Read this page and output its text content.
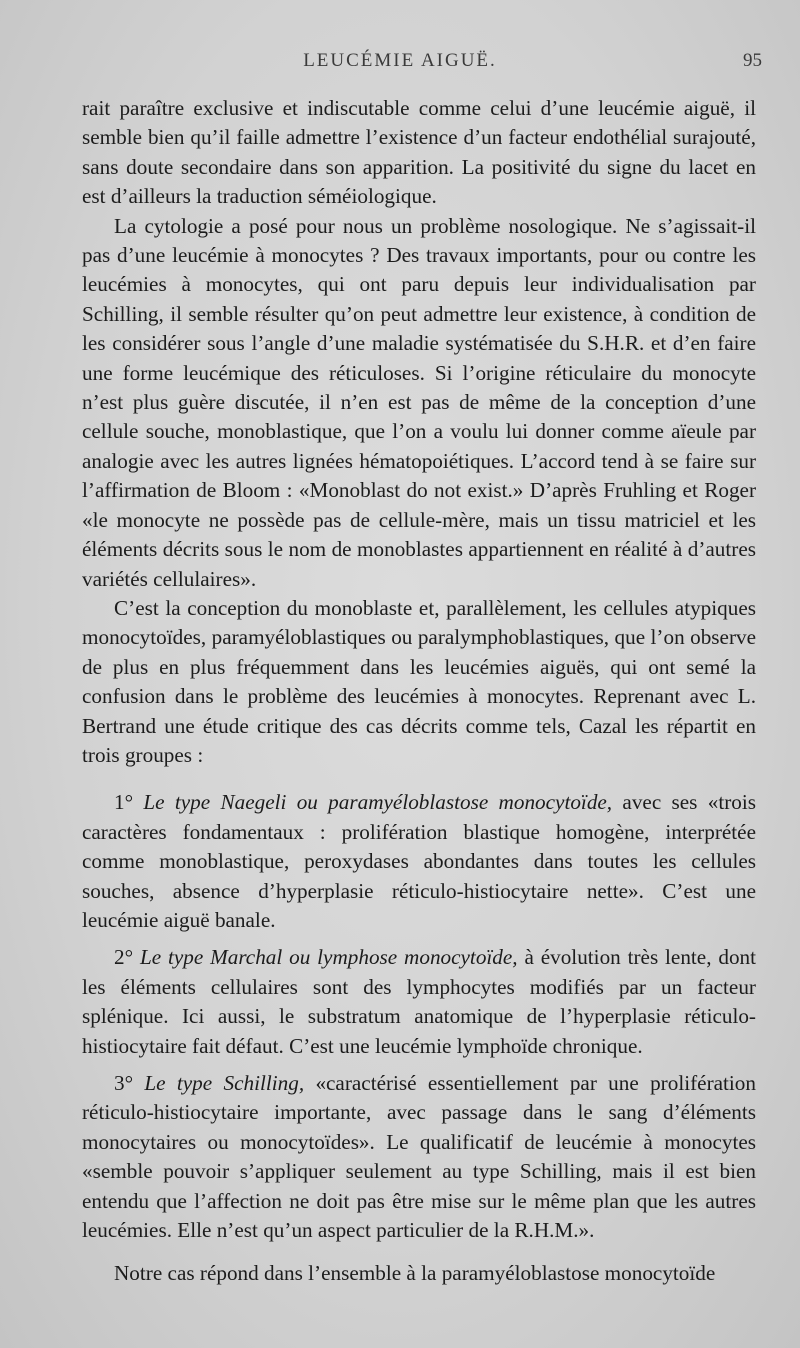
LEUCÉMIE AIGUË.	95

rait paraître exclusive et indiscutable comme celui d’une leucémie aiguë, il semble bien qu’il faille admettre l’existence d’un facteur endothélial surajouté, sans doute secondaire dans son apparition. La positivité du signe du lacet en est d’ailleurs la traduction séméiologique.

La cytologie a posé pour nous un problème nosologique. Ne s’agissait-il pas d’une leucémie à monocytes ? Des travaux importants, pour ou contre les leucémies à monocytes, qui ont paru depuis leur individualisation par Schilling, il semble résulter qu’on peut admettre leur existence, à condition de les considérer sous l’angle d’une maladie systématisée du S.H.R. et d’en faire une forme leucémique des réticuloses. Si l’origine réticulaire du monocyte n’est plus guère discutée, il n’en est pas de même de la conception d’une cellule souche, monoblastique, que l’on a voulu lui donner comme aïeule par analogie avec les autres lignées hématopoiétiques. L’accord tend à se faire sur l’affirmation de Bloom : «Monoblast do not exist.» D’après Fruhling et Roger «le monocyte ne possède pas de cellule-mère, mais un tissu matriciel et les éléments décrits sous le nom de monoblastes appartiennent en réalité à d’autres variétés cellulaires».

C’est la conception du monoblaste et, parallèlement, les cellules atypiques monocytoïdes, paramyéloblastiques ou paralymphoblastiques, que l’on observe de plus en plus fréquemment dans les leucémies aiguës, qui ont semé la confusion dans le problème des leucémies à monocytes. Reprenant avec L. Bertrand une étude critique des cas décrits comme tels, Cazal les répartit en trois groupes :

1° Le type Naegeli ou paramyéloblastose monocytoïde, avec ses «trois caractères fondamentaux : prolifération blastique homogène, interprétée comme monoblastique, peroxydases abondantes dans toutes les cellules souches, absence d’hyperplasie réticulo-histiocytaire nette». C’est une leucémie aiguë banale.

2° Le type Marchal ou lymphose monocytoïde, à évolution très lente, dont les éléments cellulaires sont des lymphocytes modifiés par un facteur splénique. Ici aussi, le substratum anatomique de l’hyperplasie réticulo-histiocytaire fait défaut. C’est une leucémie lymphoïde chronique.

3° Le type Schilling, «caractérisé essentiellement par une prolifération réticulo-histiocytaire importante, avec passage dans le sang d’éléments monocytaires ou monocytoïdes». Le qualificatif de leucémie à monocytes «semble pouvoir s’appliquer seulement au type Schilling, mais il est bien entendu que l’affection ne doit pas être mise sur le même plan que les autres leucémies. Elle n’est qu’un aspect particulier de la R.H.M.».

Notre cas répond dans l’ensemble à la paramyéloblastose monocytoïde
